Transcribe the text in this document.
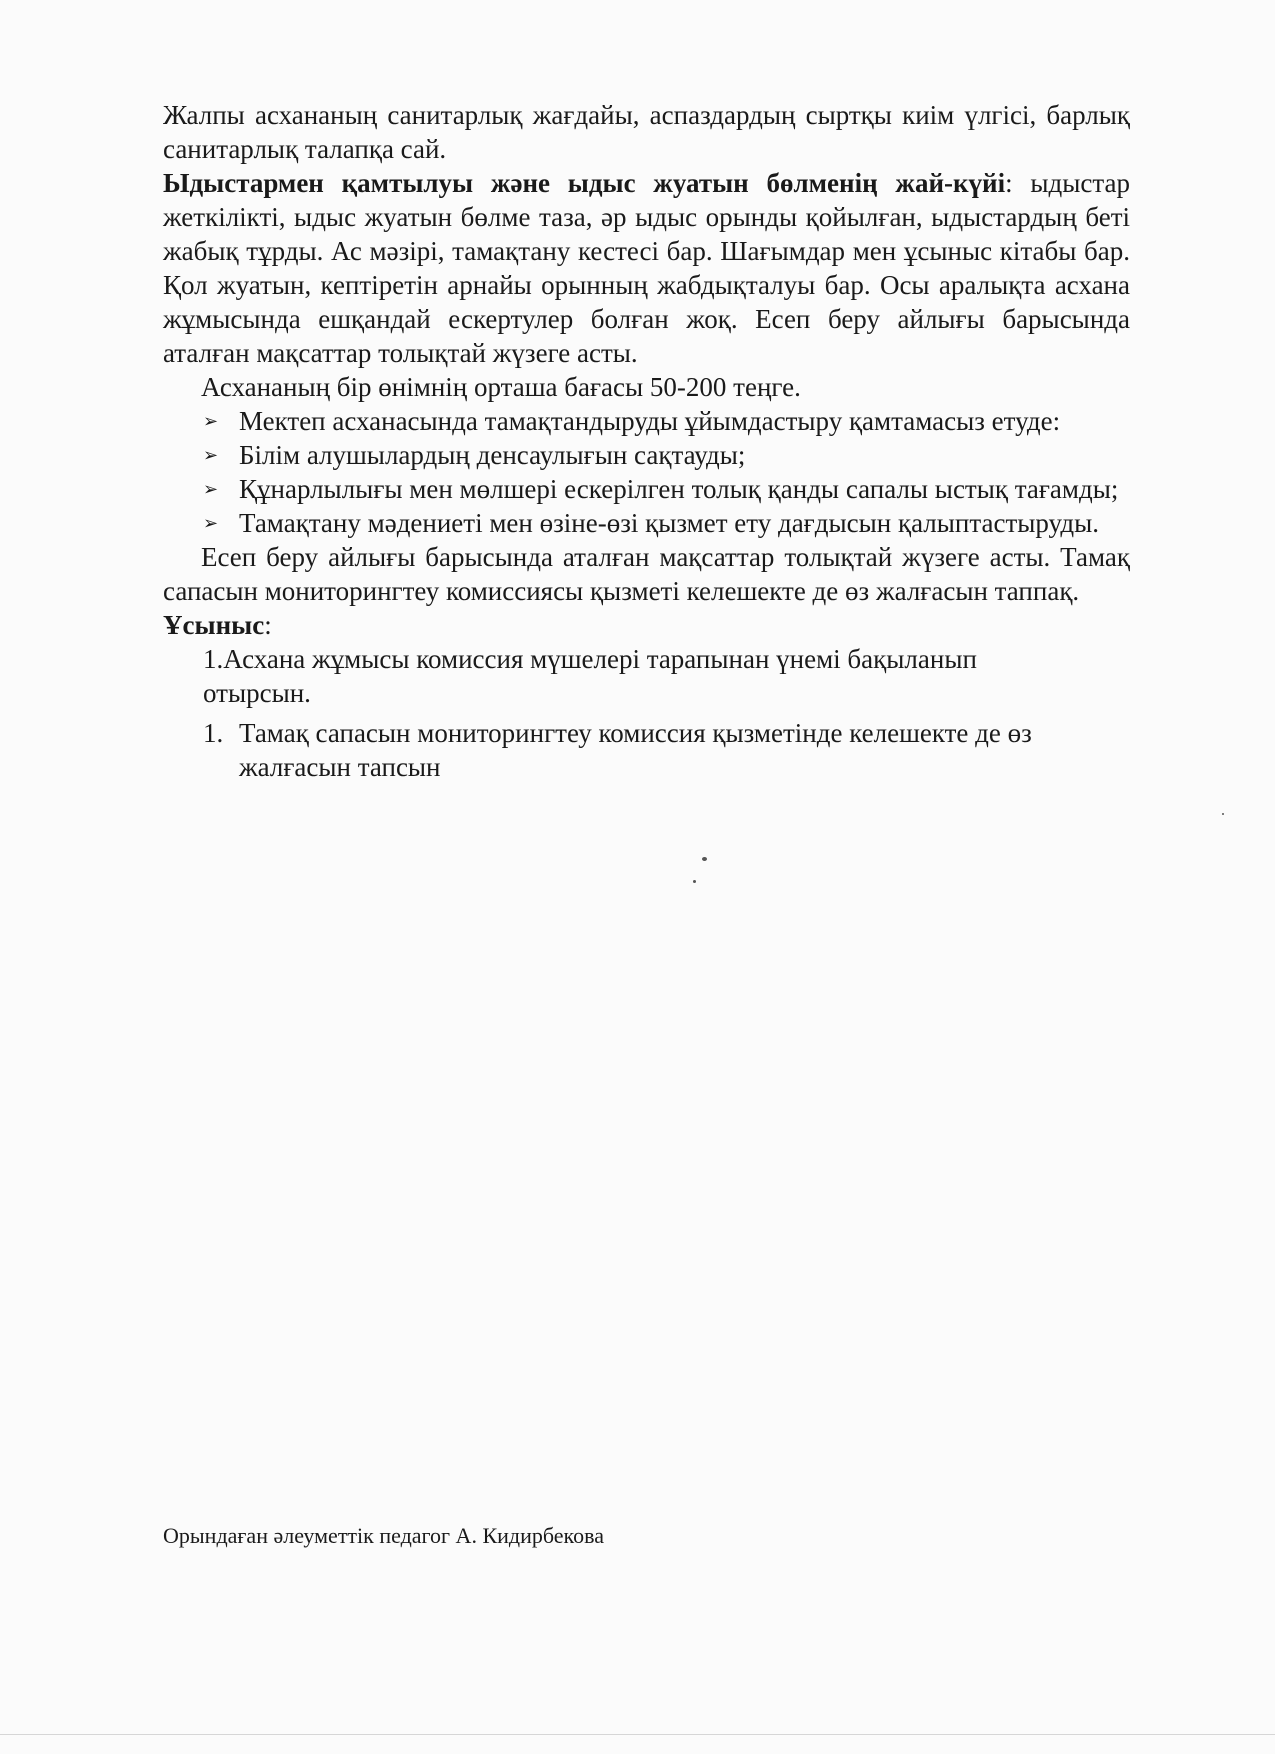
Жалпы асхананың санитарлық жағдайы, аспаздардың сыртқы киім үлгісі, барлық санитарлық талапқа сай.

Ыдыстармен қамтылуы және ыдыс жуатын бөлменің жай-күйі: ыдыстар жеткілікті, ыдыс жуатын бөлме таза, әр ыдыс орынды қойылған, ыдыстардың беті жабық тұрды. Ас мәзірі, тамақтану кестесі бар. Шағымдар мен ұсыныс кітабы бар. Қол жуатын, кептіретін арнайы орынның жабдықталуы бар. Осы аралықта асхана жұмысында ешқандай ескертулер болған жоқ. Есеп беру айлығы барысында аталған мақсаттар толықтай жүзеге асты.

Асхананың бір өнімнің орташа бағасы 50-200 теңге.

➢ Мектеп асханасында тамақтандыруды ұйымдастыру қамтамасыз етуде:
➢ Білім алушылардың денсаулығын сақтауды;
➢ Құнарлылығы мен мөлшері ескерілген толық қанды сапалы ыстық тағамды;
➢ Тамақтану мәдениеті мен өзіне-өзі қызмет ету дағдысын қалыптастыруды.

Есеп беру айлығы барысында аталған мақсаттар толықтай жүзеге асты. Тамақ сапасын мониторингтеу комиссиясы қызметі келешекте де өз жалғасын таппақ.

Ұсыныс:

1.Асхана жұмысы комиссия мүшелері тарапынан үнемі бақыланып отырсын.
1. Тамақ сапасын мониторингтеу комиссия қызметінде келешекте де өз жалғасын тапсын
Орындаған әлеуметтік педагог А. Кидирбекова
